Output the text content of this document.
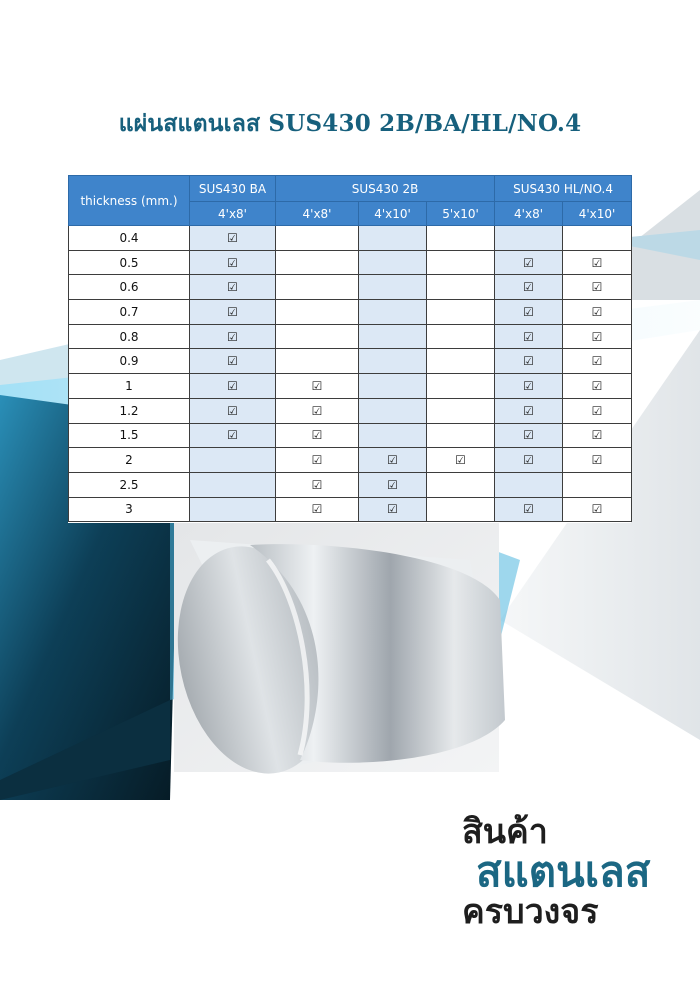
แผ่นสแตนเลส SUS430 2B/BA/HL/NO.4
thickness (mm.)	SUS430 BA	SUS430 2B			SUS430 HL/NO.4	
	4'x8'	4'x8'	4'x10'	5'x10'	4'x8'	4'x10'
0.4	☑					
0.5	☑				☑	☑
0.6	☑				☑	☑
0.7	☑				☑	☑
0.8	☑				☑	☑
0.9	☑				☑	☑
1	☑	☑			☑	☑
1.2	☑	☑			☑	☑
1.5	☑	☑			☑	☑
2		☑	☑	☑	☑	☑
2.5		☑	☑			
3		☑	☑		☑	☑
สินค้า
สแตนเลส
ครบวงจร
